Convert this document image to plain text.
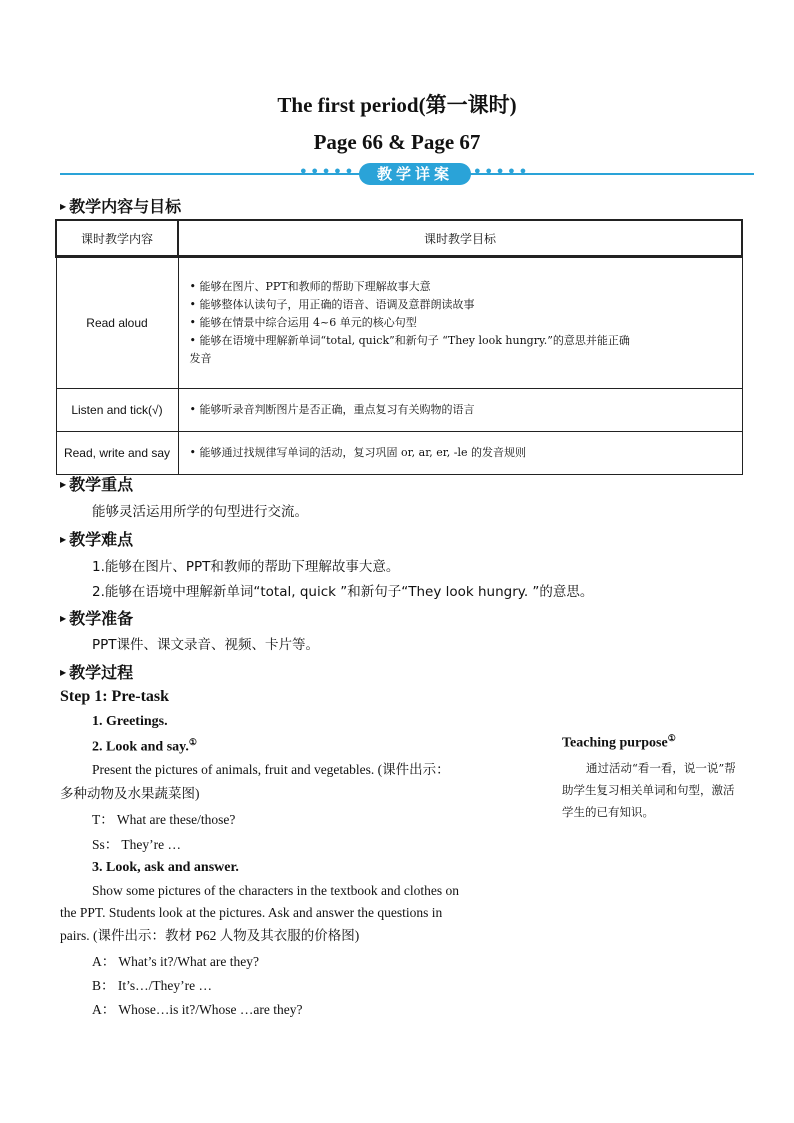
The first period(第一课时)
Page 66 & Page 67
● ● ● ● ●	教学详案	● ● ● ● ●
▶ 教学内容与目标
课时教学内容	课时教学目标
Read aloud	• 能够在图片、PPT和教师的帮助下理解故事大意
• 能够整体认读句子，用正确的语音、语调及意群朗读故事
• 能够在情景中综合运用 4~6 单元的核心句型
• 能够在语境中理解新单词“total, quick”和新句子 “They look hungry.”的意思并能正确
发音

Listen and tick(√)	• 能够听录音判断图片是否正确，重点复习有关购物的语言

Read, write and say	• 能够通过找规律写单词的活动，复习巩固 or, ar, er, -le 的发音规则
▶ 教学重点
能够灵活运用所学的句型进行交流。
▶ 教学难点
1.能够在图片、PPT和教师的帮助下理解故事大意。
2.能够在语境中理解新单词“total, quick ”和新句子“They look hungry. ”的意思。
▶ 教学准备
PPT课件、课文录音、视频、卡片等。
▶ 教学过程
Step 1: Pre-task
1. Greetings.
2. Look and say.①
Present the pictures of animals, fruit and vegetables. (课件出示：
多种动物及水果蔬菜图)
T： What are these/those?
Ss： They’re …
3. Look, ask and answer.
Show some pictures of the characters in the textbook and clothes on
the PPT. Students look at the pictures. Ask and answer the questions in
pairs. (课件出示：教材 P62 人物及其衣服的价格图)
A： What’s it?/What are they?
B： It’s…/They’re …
A： Whose…is it?/Whose …are they?
Teaching purpose①
通过活动“看一看，说一说”帮助学生复习相关单词和句型，激活学生的已有知识。
